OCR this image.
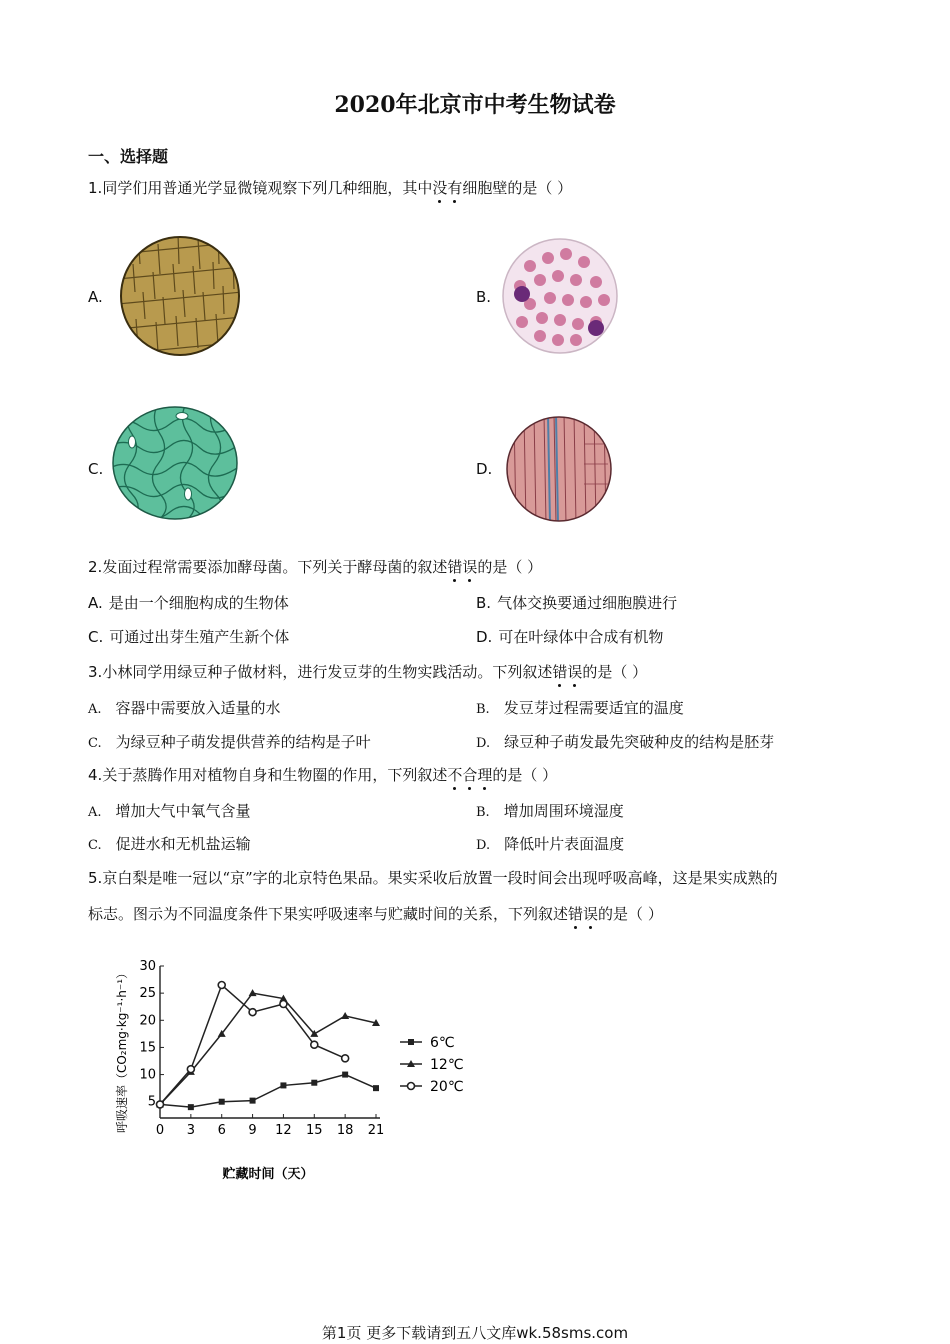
2020年北京市中考生物试卷
一、选择题
1.同学们用普通光学显微镜观察下列几种细胞，其中没有细胞壁的是（ ）
A.	B.
C.	D.
2.发面过程常需要添加酵母菌。下列关于酵母菌的叙述错误的是（ ）
A. 是由一个细胞构成的生物体	B. 气体交换要通过细胞膜进行
C. 可通过出芽生殖产生新个体	D. 可在叶绿体中合成有机物
3.小林同学用绿豆种子做材料，进行发豆芽的生物实践活动。下列叙述错误的是（ ）
A. 容器中需要放入适量的水	B. 发豆芽过程需要适宜的温度
C. 为绿豆种子萌发提供营养的结构是子叶	D. 绿豆种子萌发最先突破种皮的结构是胚芽
4.关于蒸腾作用对植物自身和生物圈的作用，下列叙述不合理的是（ ）
A. 增加大气中氧气含量	B. 增加周围环境湿度
C. 促进水和无机盐运输	D. 降低叶片表面温度
5.京白梨是唯一冠以“京”字的北京特色果品。果实采收后放置一段时间会出现呼吸高峰，这是果实成熟的
标志。图示为不同温度条件下果实呼吸速率与贮藏时间的关系，下列叙述错误的是（ ）
呼吸速率（CO₂mg·kg⁻¹·h⁻¹）
贮藏时间（天）
5
10
15
20
25
30
0 3 6 9 12 15 18 21
6℃
12℃
20℃
第1页 更多下载请到五八文库wk.58sms.com
